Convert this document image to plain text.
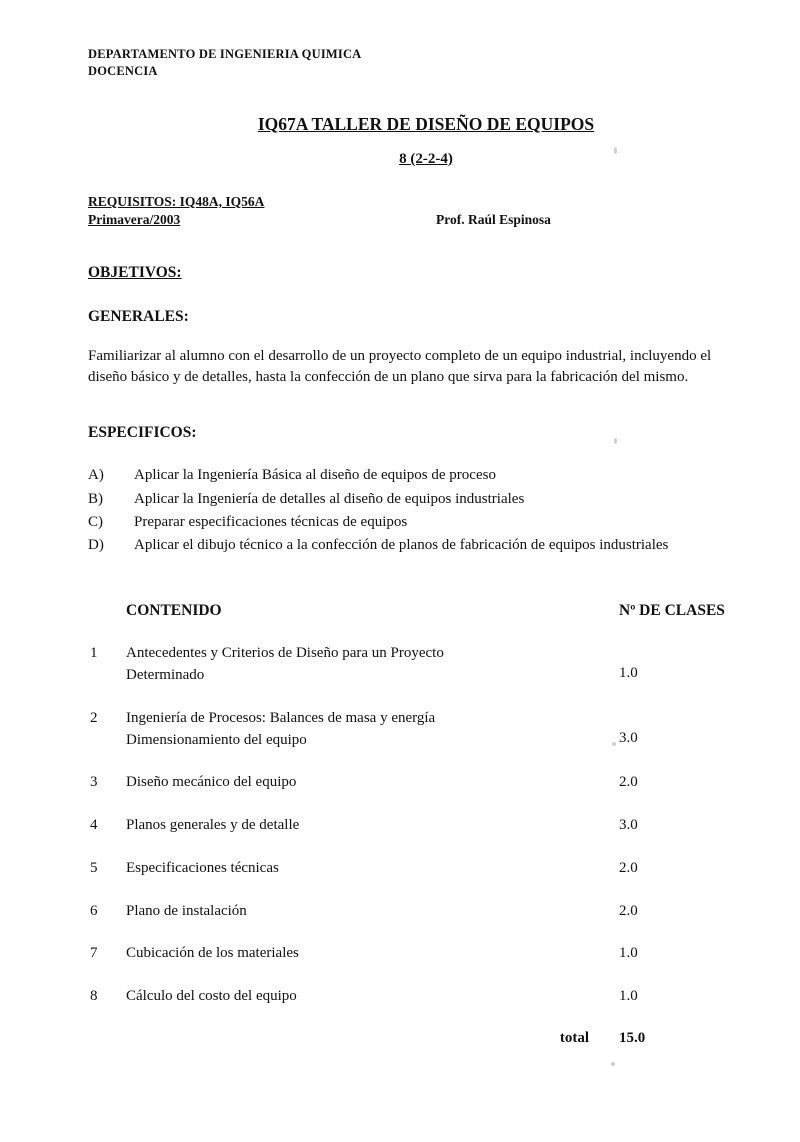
DEPARTAMENTO DE INGENIERIA QUIMICA
DOCENCIA
IQ67A TALLER DE DISEÑO DE EQUIPOS
8 (2-2-4)
REQUISITOS: IQ48A, IQ56A
Primavera/2003	Prof. Raúl Espinosa
OBJETIVOS:
GENERALES:

Familiarizar al alumno con el desarrollo de un proyecto completo de un equipo industrial, incluyendo el diseño básico y de detalles, hasta la confección de un plano que sirva para la fabricación del mismo.

ESPECIFICOS:
A)	Aplicar la Ingeniería Básica al diseño de equipos de proceso
B)	Aplicar la Ingeniería de detalles al diseño de equipos industriales
C)	Preparar especificaciones técnicas de equipos
D)	Aplicar el dibujo técnico a la confección de planos de fabricación de equipos industriales
	CONTENIDO	Nº DE CLASES
1	Antecedentes y Criterios de Diseño para un Proyecto
Determinado	1.0
2	Ingeniería de Procesos: Balances de masa y energía
Dimensionamiento del equipo	3.0
3	Diseño mecánico del equipo	2.0
4	Planos generales y de detalle	3.0
5	Especificaciones técnicas	2.0
6	Plano de instalación	2.0
7	Cubicación de los materiales	1.0
8	Cálculo del costo del equipo	1.0
	total	15.0
